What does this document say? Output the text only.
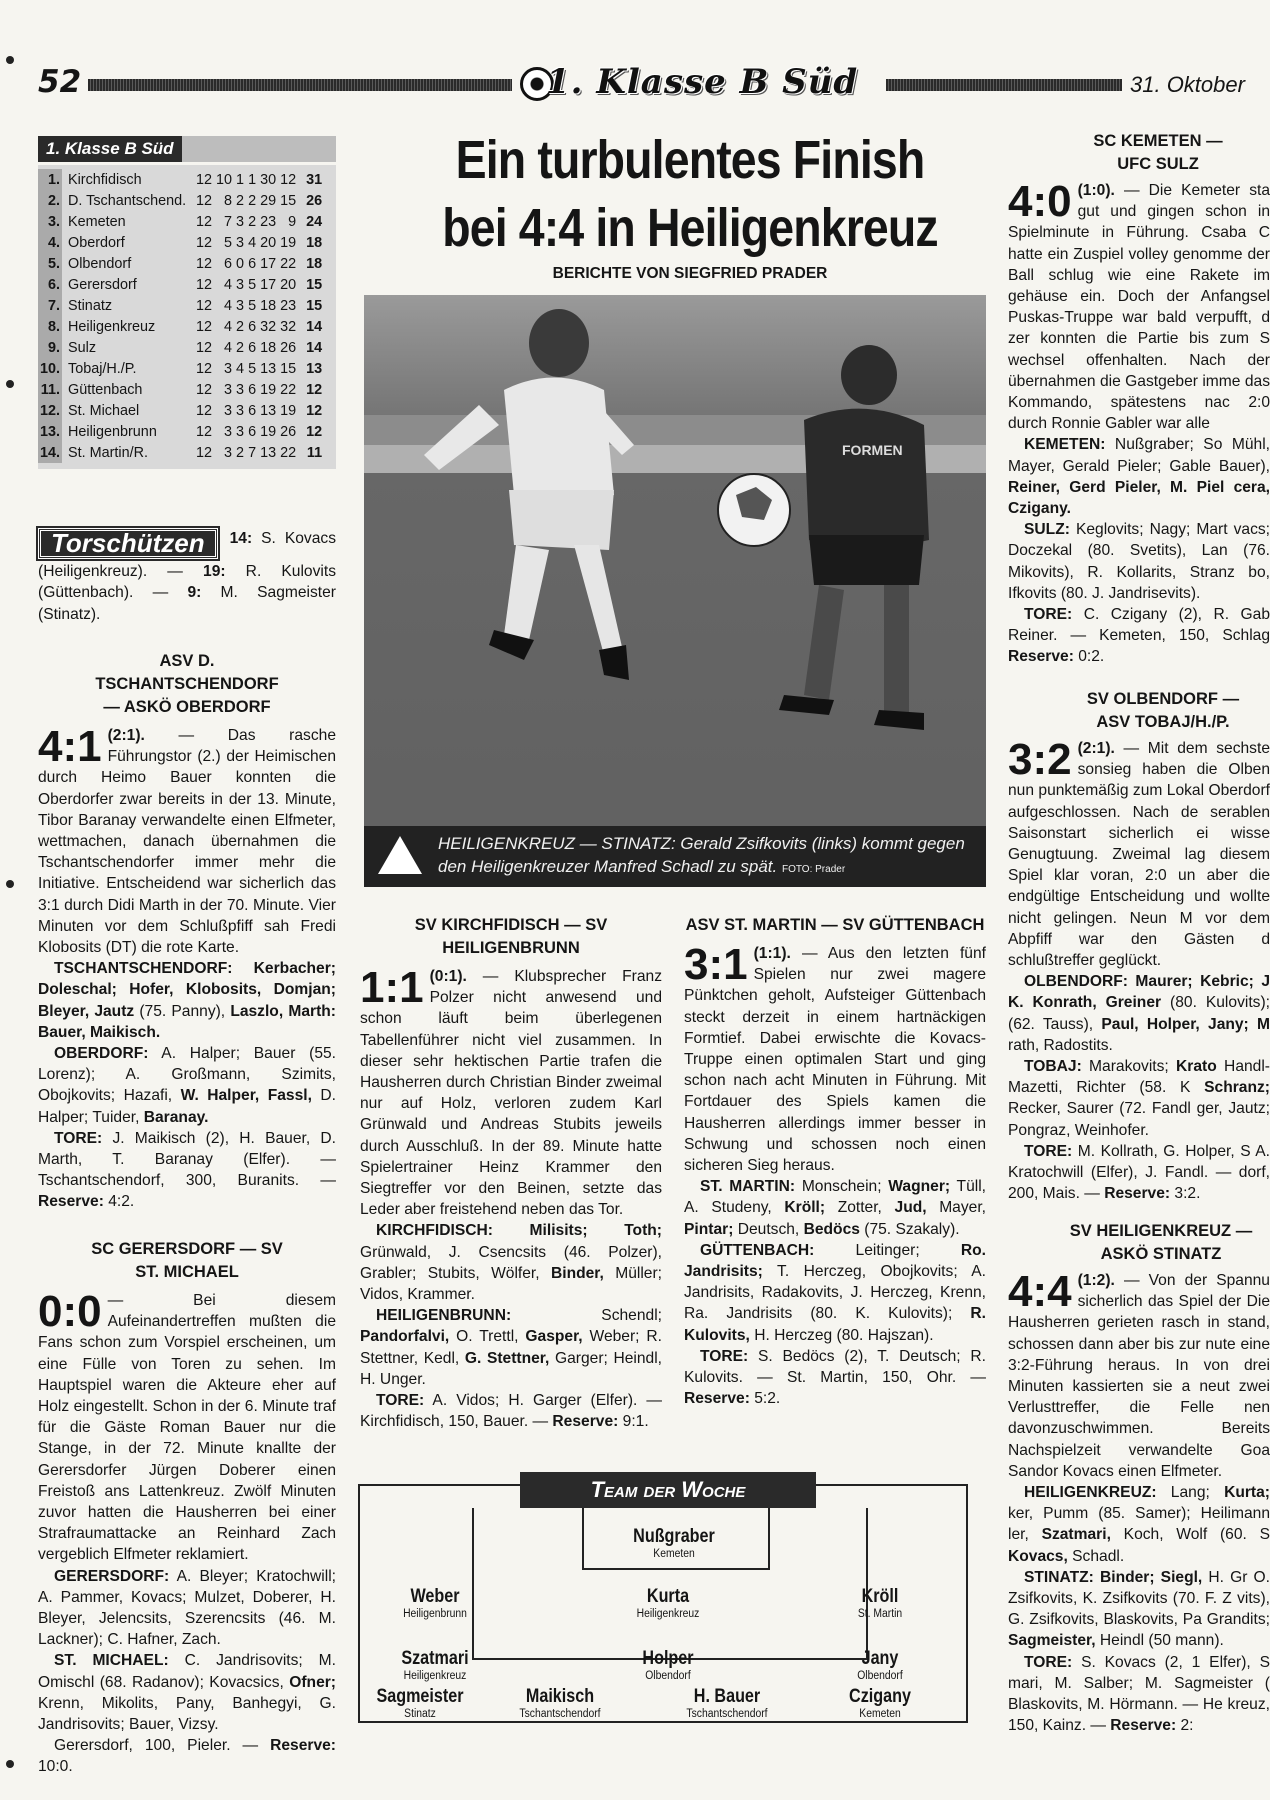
52	1. Klasse B Süd	31. Oktober
1. Klasse B Süd
1.	Kirchfidisch	12	10	1	1	30	12	31
2.	D. Tschantschend.	12	8	2	2	29	15	26
3.	Kemeten	12	7	3	2	23	9	24
4.	Oberdorf	12	5	3	4	20	19	18
5.	Olbendorf	12	6	0	6	17	22	18
6.	Gerersdorf	12	4	3	5	17	20	15
7.	Stinatz	12	4	3	5	18	23	15
8.	Heiligenkreuz	12	4	2	6	32	32	14
9.	Sulz	12	4	2	6	18	26	14
10.	Tobaj/H./P.	12	3	4	5	13	15	13
11.	Güttenbach	12	3	3	6	19	22	12
12.	St. Michael	12	3	3	6	13	19	12
13.	Heiligenbrunn	12	3	3	6	19	26	12
14.	St. Martin/R.	12	3	2	7	13	22	11

Torschützen	14: S. Kovacs (Heiligenkreuz). — 19: R. Kulovits (Güttenbach). — 9: M. Sagmeister (Stinatz).

ASV D. TSCHANTSCHENDORF — ASKÖ OBERDORF

4:1 (2:1). — Das rasche Führungstor (2.) der Heimischen durch Heimo Bauer konnten die Oberdorfer zwar bereits in der 13. Minute, Tibor Baranay verwandelte einen Elfmeter, wettmachen, danach übernahmen die Tschantschendorfer immer mehr die Initiative. Entscheidend war sicherlich das 3:1 durch Didi Marth in der 70. Minute. Vier Minuten vor dem Schlußpfiff sah Fredi Klobosits (DT) die rote Karte.

TSCHANTSCHENDORF: Kerbacher; Doleschal; Hofer, Klobosits, Domjan; Bleyer, Jautz (75. Panny), Laszlo, Marth: Bauer, Maikisch.

OBERDORF: A. Halper; Bauer (55. Lorenz); A. Großmann, Szimits, Obojkovits; Hazafi, W. Halper, Fassl, D. Halper; Tuider, Baranay.

TORE: J. Maikisch (2), H. Bauer, D. Marth, T. Baranay (Elfer). — Tschantschendorf, 300, Buranits. — Reserve: 4:2.

SC GERERSDORF — SV ST. MICHAEL

0:0 — Bei diesem Aufeinandertreffen mußten die Fans schon zum Vorspiel erscheinen, um eine Fülle von Toren zu sehen. Im Hauptspiel waren die Akteure eher auf Holz eingestellt. Schon in der 6. Minute traf für die Gäste Roman Bauer nur die Stange, in der 72. Minute knallte der Gerersdorfer Jürgen Doberer einen Freistoß ans Lattenkreuz. Zwölf Minuten zuvor hatten die Hausherren bei einer Strafraumattacke an Reinhard Zach vergeblich Elfmeter reklamiert.

GERERSDORF: A. Bleyer; Kratochwill; A. Pammer, Kovacs; Mulzet, Doberer, H. Bleyer, Jelencsits, Szerencsits (46. M. Lackner); C. Hafner, Zach.

ST. MICHAEL: C. Jandrisovits; M. Omischl (68. Radanov); Kovacsics, Ofner; Krenn, Mikolits, Pany, Banhegyi, G. Jandrisovits; Bauer, Vizsy.

Gerersdorf, 100, Pieler. — Reserve: 10:0.

Ein turbulentes Finish bei 4:4 in Heiligenkreuz
BERICHTE VON SIEGFRIED PRADER
FORMEN
HEILIGENKREUZ — STINATZ: Gerald Zsifkovits (links) kommt gegen den Heiligenkreuzer Manfred Schadl zu spät. FOTO: Prader

SV KIRCHFIDISCH — SV HEILIGENBRUNN

1:1 (0:1). — Klubsprecher Franz Polzer nicht anwesend und schon läuft beim überlegenen Tabellenführer nicht viel zusammen. In dieser sehr hektischen Partie trafen die Hausherren durch Christian Binder zweimal nur auf Holz, verloren zudem Karl Grünwald und Andreas Stubits jeweils durch Ausschluß. In der 89. Minute hatte Spielertrainer Heinz Krammer den Siegtreffer vor den Beinen, setzte das Leder aber freistehend neben das Tor.

KIRCHFIDISCH: Milisits; Toth; Grünwald, J. Csencsits (46. Polzer), Grabler; Stubits, Wölfer, Binder, Müller; Vidos, Krammer.

HEILIGENBRUNN: Schendl; Pandorfalvi, O. Trettl, Gasper, Weber; R. Stettner, Kedl, G. Stettner, Garger; Heindl, H. Unger.

TORE: A. Vidos; H. Garger (Elfer). — Kirchfidisch, 150, Bauer. — Reserve: 9:1.

ASV ST. MARTIN — SV GÜTTENBACH

3:1 (1:1). — Aus den letzten fünf Spielen nur zwei magere Pünktchen geholt, Aufsteiger Güttenbach steckt derzeit in einem hartnäckigen Formtief. Dabei erwischte die Kovacs-Truppe einen optimalen Start und ging schon nach acht Minuten in Führung. Mit Fortdauer des Spiels kamen die Hausherren allerdings immer besser in Schwung und schossen noch einen sicheren Sieg heraus.

ST. MARTIN: Monschein; Wagner; Tüll, A. Studeny, Kröll; Zotter, Jud, Mayer, Pintar; Deutsch, Bedöcs (75. Szakaly).

GÜTTENBACH: Leitinger; Ro. Jandrisits; T. Herczeg, Obojkovits; A. Jandrisits, Radakovits, J. Herczeg, Krenn, Ra. Jandrisits (80. K. Kulovits); R. Kulovits, H. Herczeg (80. Hajszan).

TORE: S. Bedöcs (2), T. Deutsch; R. Kulovits. — St. Martin, 150, Ohr. — Reserve: 5:2.

Team der Woche
Nußgraber
Kemeten
Weber
Heiligenbrunn
Kurta
Heiligenkreuz
Kröll
St. Martin
Szatmari
Heiligenkreuz
Holper
Olbendorf
Jany
Olbendorf
Sagmeister
Stinatz
Maikisch
Tschantschendorf
H. Bauer
Tschantschendorf
Czigany
Kemeten

SC KEMETEN — UFC SULZ

4:0 (1:0). — Die Kemeter sta gut und gingen schon in Spielminute in Führung. Csaba C hatte ein Zuspiel volley genomme der Ball schlug wie eine Rakete im gehäuse ein. Doch der Anfangsel Puskas-Truppe war bald verpufft, d zer konnten die Partie bis zum S wechsel offenhalten. Nach der übernahmen die Gastgeber imme das Kommando, spätestens nac 2:0 durch Ronnie Gabler war alle

KEMETEN: Nußgraber; So Mühl, Mayer, Gerald Pieler; Gable Bauer), Reiner, Gerd Pieler, M. Piel cera, Czigany.

SULZ: Keglovits; Nagy; Mart vacs; Doczekal (80. Svetits), Lan (76. Mikovits), R. Kollarits, Stranz bo, Ifkovits (80. J. Jandrisevits).

TORE: C. Czigany (2), R. Gab Reiner. — Kemeten, 150, Schlag Reserve: 0:2.

SV OLBENDORF — ASV TOBAJ/H./P.

3:2 (2:1). — Mit dem sechste sonsieg haben die Olben nun punktemäßig zum Lokal Oberdorf aufgeschlossen. Nach de serablen Saisonstart sicherlich ei wisse Genugtuung. Zweimal lag diesem Spiel klar voran, 2:0 un aber die endgültige Entscheidung und wollte nicht gelingen. Neun M vor dem Abpfiff war den Gästen d schlußtreffer geglückt.

OLBENDORF: Maurer; Kebric; J K. Konrath, Greiner (80. Kulovits); (62. Tauss), Paul, Holper, Jany; M rath, Radostits.

TOBAJ: Marakovits; Krato Handl-Mazetti, Richter (58. K Schranz; Recker, Saurer (72. Fandl ger, Jautz; Pongraz, Weinhofer.

TORE: M. Kollrath, G. Holper, S A. Kratochwill (Elfer), J. Fandl. — dorf, 200, Mais. — Reserve: 3:2.

SV HEILIGENKREUZ — ASKÖ STINATZ

4:4 (1:2). — Von der Spannu sicherlich das Spiel der Die Hausherren gerieten rasch in stand, schossen dann aber bis zur nute eine 3:2-Führung heraus. In von drei Minuten kassierten sie a neut zwei Verlusttreffer, die Felle nen davonzuschwimmen. Bereits Nachspielzeit verwandelte Goa Sandor Kovacs einen Elfmeter.

HEILIGENKREUZ: Lang; Kurta; ker, Pumm (85. Samer); Heilimann ler, Szatmari, Koch, Wolf (60. S Kovacs, Schadl.

STINATZ: Binder; Siegl, H. Gr O. Zsifkovits, K. Zsifkovits (70. F. Z vits), G. Zsifkovits, Blaskovits, Pa Grandits; Sagmeister, Heindl (50 mann).

TORE: S. Kovacs (2, 1 Elfer), S mari, M. Salber; M. Sagmeister ( Blaskovits, M. Hörmann. — He kreuz, 150, Kainz. — Reserve: 2:
